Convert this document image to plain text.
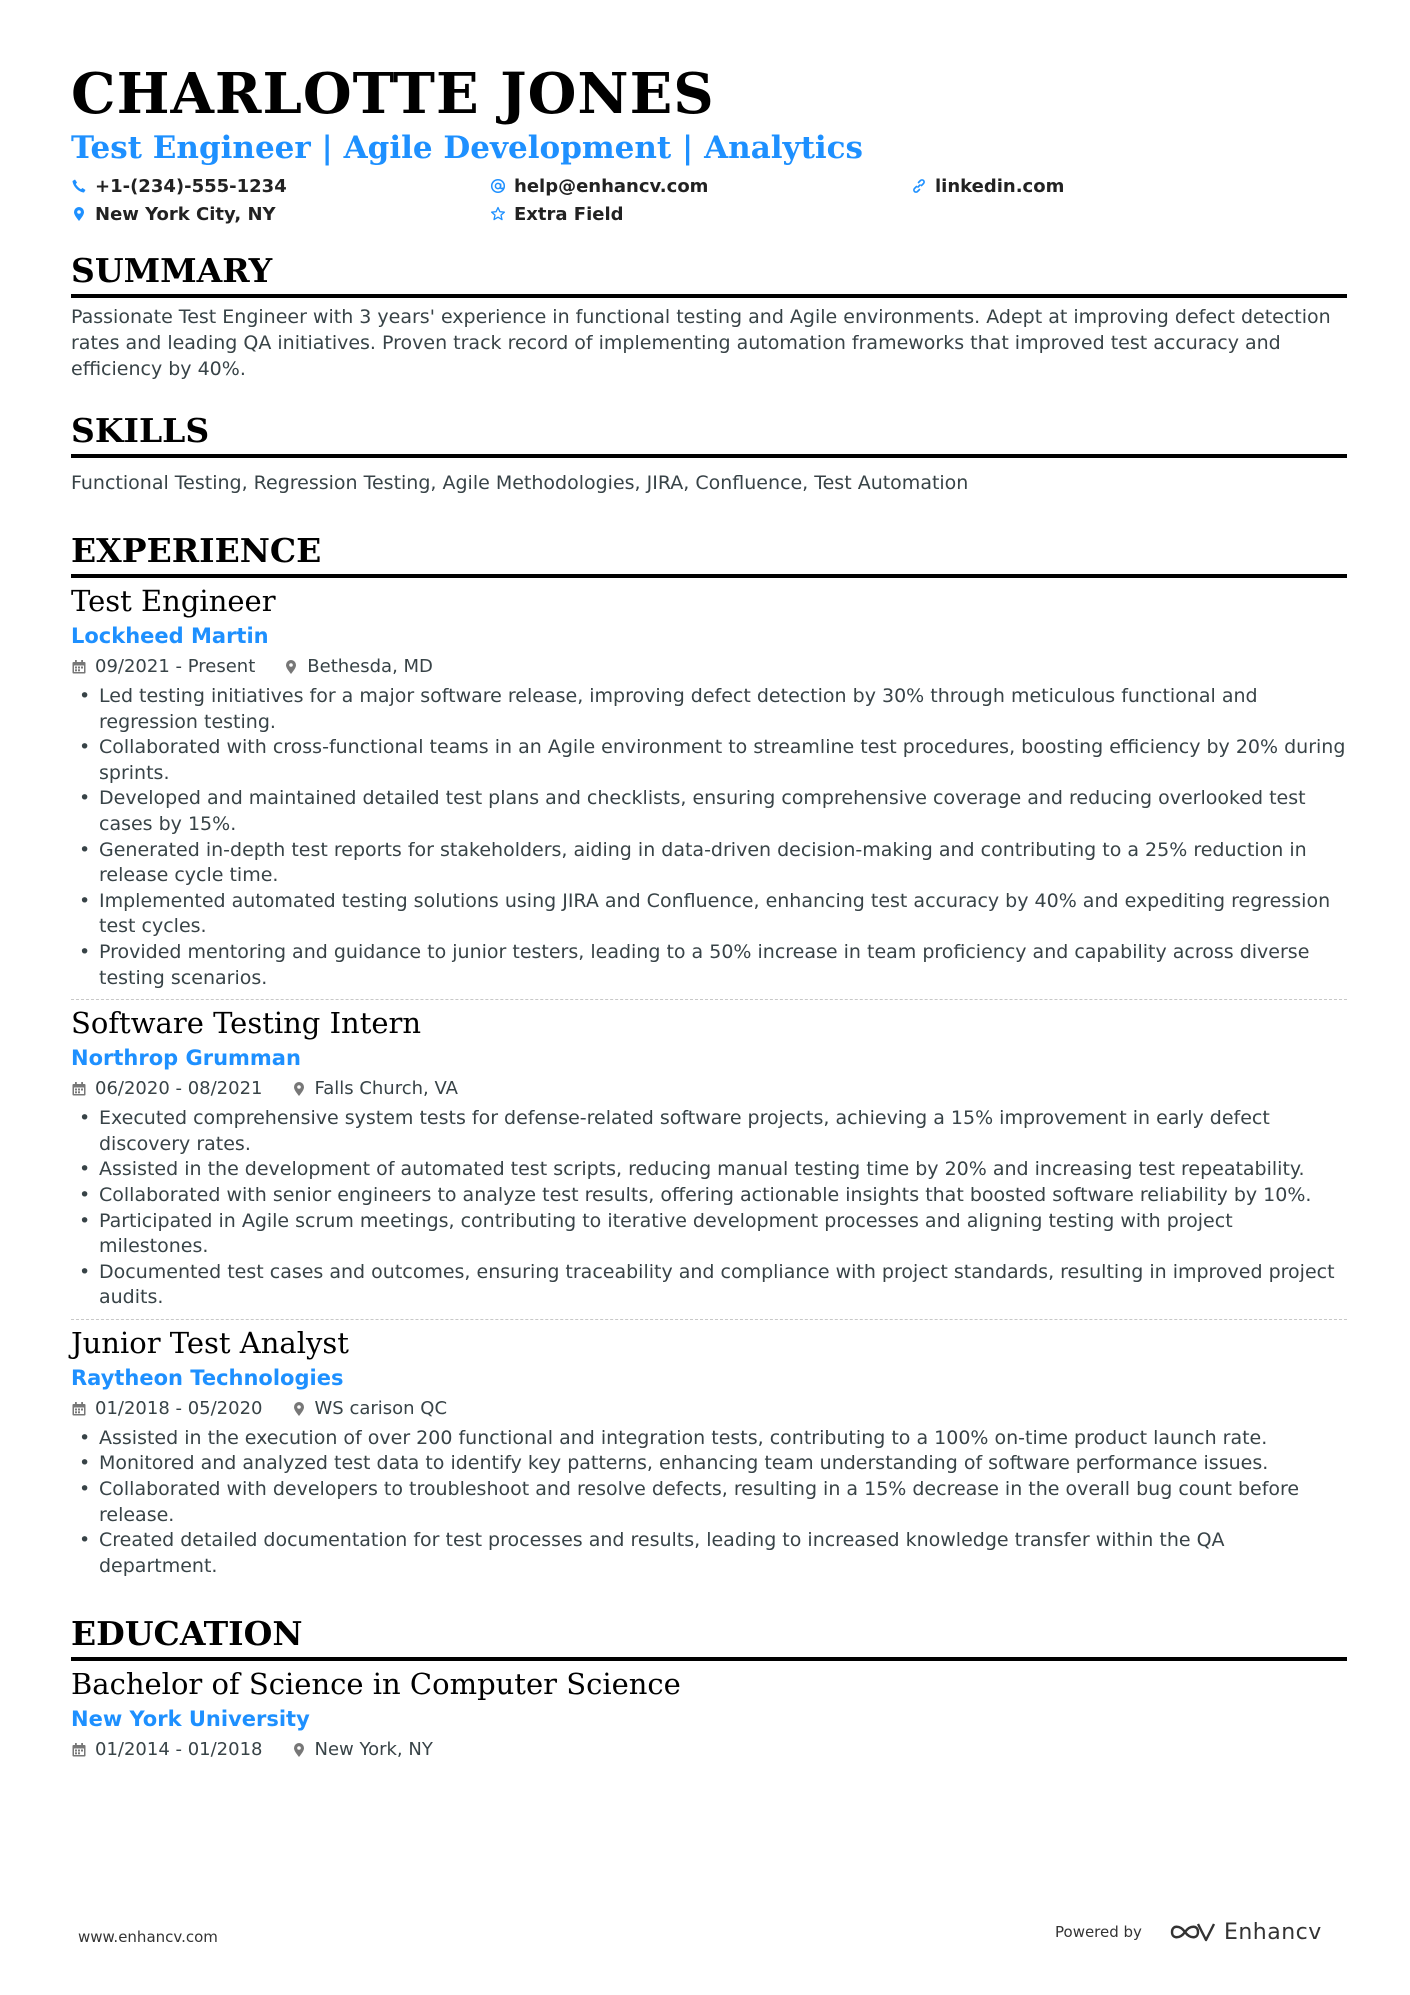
CHARLOTTE JONES
Test Engineer | Agile Development | Analytics
+1-(234)-555-1234	help@enhancv.com	linkedin.com
New York City, NY	Extra Field
SUMMARY

Passionate Test Engineer with 3 years' experience in functional testing and Agile environments. Adept at improving defect detection rates and leading QA initiatives. Proven track record of implementing automation frameworks that improved test accuracy and efficiency by 40%.

SKILLS

Functional Testing, Regression Testing, Agile Methodologies, JIRA, Confluence, Test Automation

EXPERIENCE
Test Engineer
Lockheed Martin
09/2021 - Present	Bethesda, MD
• Led testing initiatives for a major software release, improving defect detection by 30% through meticulous functional and regression testing.
• Collaborated with cross-functional teams in an Agile environment to streamline test procedures, boosting efficiency by 20% during sprints.
• Developed and maintained detailed test plans and checklists, ensuring comprehensive coverage and reducing overlooked test cases by 15%.
• Generated in-depth test reports for stakeholders, aiding in data-driven decision-making and contributing to a 25% reduction in release cycle time.
• Implemented automated testing solutions using JIRA and Confluence, enhancing test accuracy by 40% and expediting regression test cycles.
• Provided mentoring and guidance to junior testers, leading to a 50% increase in team proficiency and capability across diverse testing scenarios.
Software Testing Intern
Northrop Grumman
06/2020 - 08/2021	Falls Church, VA
• Executed comprehensive system tests for defense-related software projects, achieving a 15% improvement in early defect discovery rates.
• Assisted in the development of automated test scripts, reducing manual testing time by 20% and increasing test repeatability.
• Collaborated with senior engineers to analyze test results, offering actionable insights that boosted software reliability by 10%.
• Participated in Agile scrum meetings, contributing to iterative development processes and aligning testing with project milestones.
• Documented test cases and outcomes, ensuring traceability and compliance with project standards, resulting in improved project audits.
Junior Test Analyst
Raytheon Technologies
01/2018 - 05/2020	WS carison QC
• Assisted in the execution of over 200 functional and integration tests, contributing to a 100% on-time product launch rate.
• Monitored and analyzed test data to identify key patterns, enhancing team understanding of software performance issues.
• Collaborated with developers to troubleshoot and resolve defects, resulting in a 15% decrease in the overall bug count before release.
• Created detailed documentation for test processes and results, leading to increased knowledge transfer within the QA department.
EDUCATION
Bachelor of Science in Computer Science
New York University
01/2014 - 01/2018	New York, NY
www.enhancv.com	Powered by	Enhancv
